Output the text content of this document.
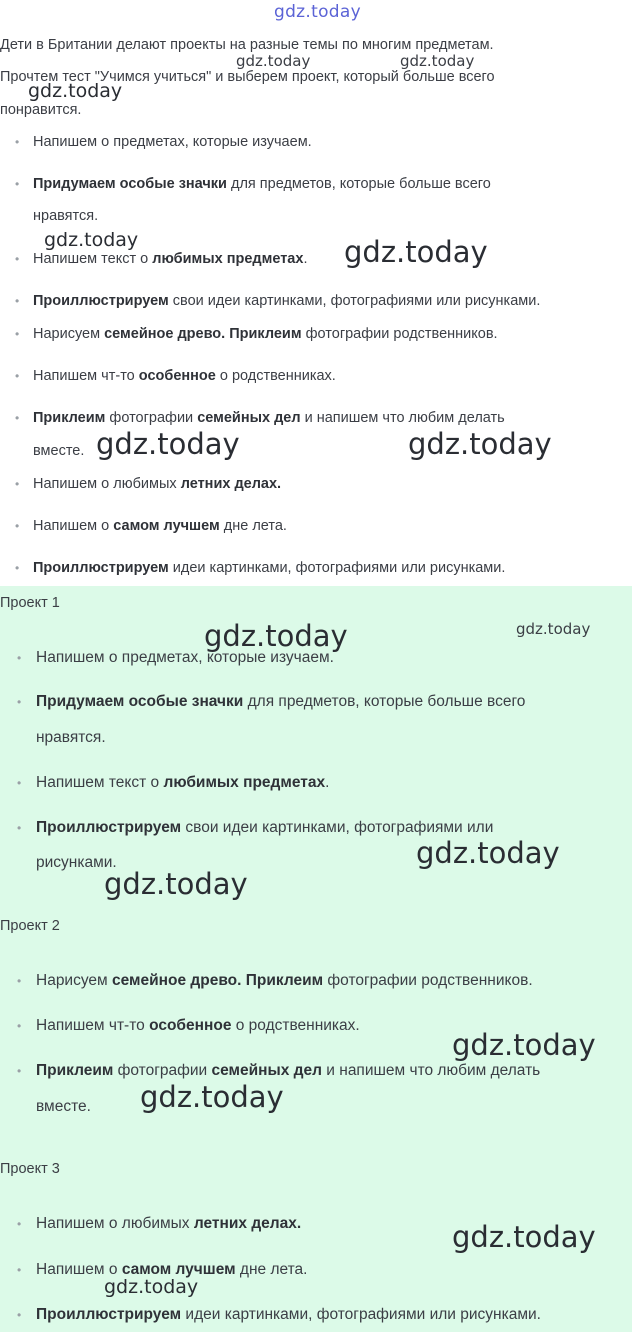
gdz.today
Дети в Британии делают проекты на разные темы по многим предметам.
Прочтем тест "Учимся учиться" и выберем проект, который больше всего
понравится.
• Напишем о предметах, которые изучаем.
• Придумаем особые значки для предметов, которые больше всего
нравятся.
• Напишем текст о любимых предметах.
• Проиллюстрируем свои идеи картинками, фотографиями или рисунками.
• Нарисуем семейное древо. Приклеим фотографии родственников.
• Напишем чт-то особенное о родственниках.
• Приклеим фотографии семейных дел и напишем что любим делать
вместе.
• Напишем о любимых летних делах.
• Напишем о самом лучшем дне лета.
• Проиллюстрируем идеи картинками, фотографиями или рисунками.
Проект 1
• Напишем о предметах, которые изучаем.
• Придумаем особые значки для предметов, которые больше всего
нравятся.
• Напишем текст о любимых предметах.
• Проиллюстрируем свои идеи картинками, фотографиями или
рисунками.
Проект 2
• Нарисуем семейное древо. Приклеим фотографии родственников.
• Напишем чт-то особенное о родственниках.
• Приклеим фотографии семейных дел и напишем что любим делать
вместе.
Проект 3
• Напишем о любимых летних делах.
• Напишем о самом лучшем дне лета.
• Проиллюстрируем идеи картинками, фотографиями или рисунками.
gdz.today	gdz.today
gdz.today
gdz.today	gdz.today
gdz.today	gdz.today
gdz.today	gdz.today
gdz.today
gdz.today
gdz.today
gdz.today
gdz.today
gdz.today
